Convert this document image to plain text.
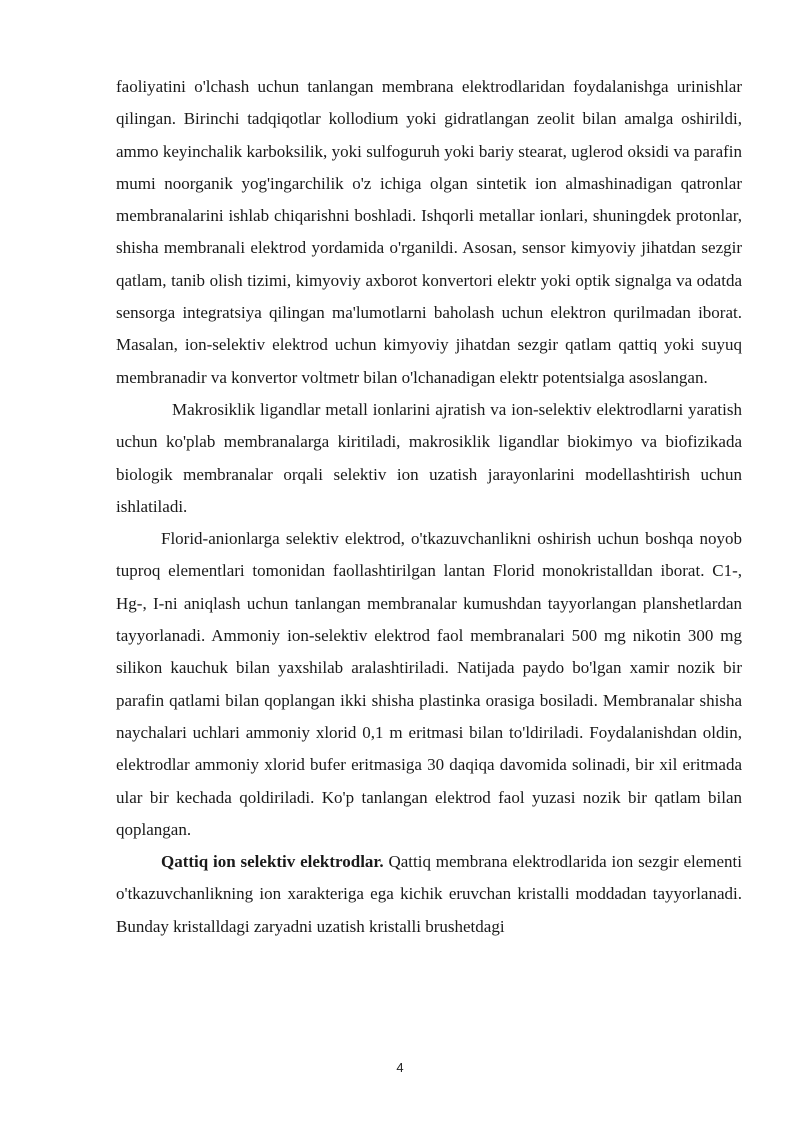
faoliyatini o'lchash uchun tanlangan membrana elektrodlaridan foydalanishga urinishlar qilingan. Birinchi tadqiqotlar kollodium yoki gidratlangan zeolit bilan amalga oshirildi, ammo keyinchalik karboksilik, yoki sulfoguruh yoki bariy stearat, uglerod oksidi va parafin mumi noorganik yog'ingarchilik o'z ichiga olgan sintetik ion almashinadigan qatronlar membranalarini ishlab chiqarishni boshladi. Ishqorli metallar ionlari, shuningdek protonlar, shisha membranali elektrod yordamida o'rganildi. Asosan, sensor kimyoviy jihatdan sezgir qatlam, tanib olish tizimi, kimyoviy axborot konvertori elektr yoki optik signalga va odatda sensorga integratsiya qilingan ma'lumotlarni baholash uchun elektron qurilmadan iborat. Masalan, ion-selektiv elektrod uchun kimyoviy jihatdan sezgir qatlam qattiq yoki suyuq membranadir va konvertor voltmetr bilan o'lchanadigan elektr potentsialga asoslangan.

Makrosiklik ligandlar metall ionlarini ajratish va ion-selektiv elektrodlarni yaratish uchun ko'plab membranalarga kiritiladi, makrosiklik ligandlar biokimyo va biofizikada biologik membranalar orqali selektiv ion uzatish jarayonlarini modellashtirish uchun ishlatiladi.

Florid-anionlarga selektiv elektrod, o'tkazuvchanlikni oshirish uchun boshqa noyob tuproq elementlari tomonidan faollashtirilgan lantan Florid monokristalldan iborat. C1-, Hg-, I-ni aniqlash uchun tanlangan membranalar kumushdan tayyorlangan planshetlardan tayyorlanadi. Ammoniy ion-selektiv elektrod faol membranalari 500 mg nikotin 300 mg silikon kauchuk bilan yaxshilab aralashtiriladi. Natijada paydo bo'lgan xamir nozik bir parafin qatlami bilan qoplangan ikki shisha plastinka orasiga bosiladi. Membranalar shisha naychalari uchlari ammoniy xlorid 0,1 m eritmasi bilan to'ldiriladi. Foydalanishdan oldin, elektrodlar ammoniy xlorid bufer eritmasiga 30 daqiqa davomida solinadi, bir xil eritmada ular bir kechada qoldiriladi. Ko'p tanlangan elektrod faol yuzasi nozik bir qatlam bilan qoplangan.

Qattiq ion selektiv elektrodlar. Qattiq membrana elektrodlarida ion sezgir elementi o'tkazuvchanlikning ion xarakteriga ega kichik eruvchan kristalli moddadan tayyorlanadi. Bunday kristalldagi zaryadni uzatish kristalli brushetdagi

4
